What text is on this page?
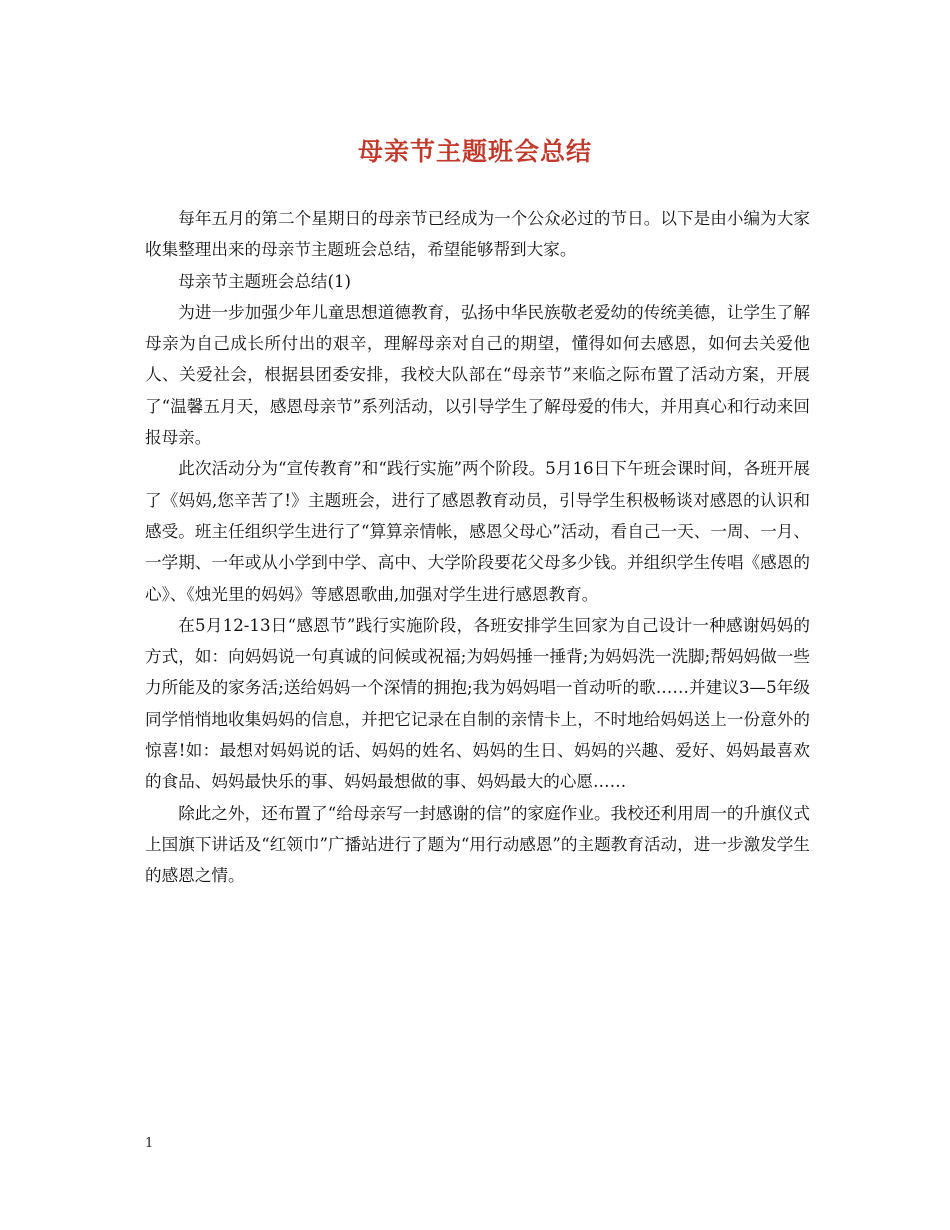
母亲节主题班会总结

每年五月的第二个星期日的母亲节已经成为一个公众必过的节日。以下是由小编为大家收集整理出来的母亲节主题班会总结，希望能够帮到大家。

母亲节主题班会总结(1)

为进一步加强少年儿童思想道德教育，弘扬中华民族敬老爱幼的传统美德，让学生了解母亲为自己成长所付出的艰辛，理解母亲对自己的期望，懂得如何去感恩，如何去关爱他人、关爱社会，根据县团委安排，我校大队部在“母亲节”来临之际布置了活动方案，开展了“温馨五月天，感恩母亲节”系列活动，以引导学生了解母爱的伟大，并用真心和行动来回报母亲。

此次活动分为“宣传教育”和“践行实施”两个阶段。5月16日下午班会课时间，各班开展了《妈妈,您辛苦了!》主题班会，进行了感恩教育动员，引导学生积极畅谈对感恩的认识和感受。班主任组织学生进行了“算算亲情帐，感恩父母心”活动，看自己一天、一周、一月、一学期、一年或从小学到中学、高中、大学阶段要花父母多少钱。并组织学生传唱《感恩的心》、《烛光里的妈妈》等感恩歌曲,加强对学生进行感恩教育。

在5月12-13日“感恩节”践行实施阶段，各班安排学生回家为自己设计一种感谢妈妈的方式，如：向妈妈说一句真诚的问候或祝福;为妈妈捶一捶背;为妈妈洗一洗脚;帮妈妈做一些力所能及的家务活;送给妈妈一个深情的拥抱;我为妈妈唱一首动听的歌……并建议3—5年级同学悄悄地收集妈妈的信息，并把它记录在自制的亲情卡上，不时地给妈妈送上一份意外的惊喜!如：最想对妈妈说的话、妈妈的姓名、妈妈的生日、妈妈的兴趣、爱好、妈妈最喜欢的食品、妈妈最快乐的事、妈妈最想做的事、妈妈最大的心愿……

除此之外，还布置了“给母亲写一封感谢的信”的家庭作业。我校还利用周一的升旗仪式上国旗下讲话及“红领巾”广播站进行了题为“用行动感恩”的主题教育活动，进一步激发学生的感恩之情。

1
